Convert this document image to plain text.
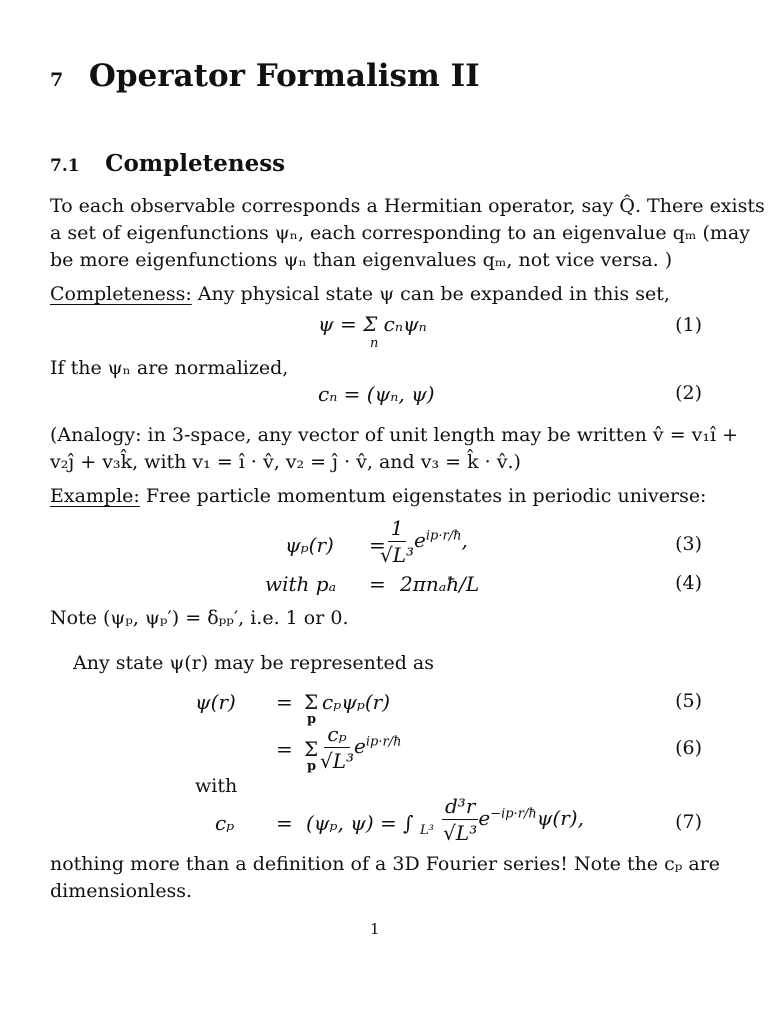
7 Operator Formalism II
7.1 Completeness
To each observable corresponds a Hermitian operator, say Q̂. There exists
a set of eigenfunctions ψₙ, each corresponding to an eigenvalue qₘ (may
be more eigenfunctions ψₙ than eigenvalues qₘ, not vice versa. )
Completeness: Any physical state ψ can be expanded in this set,
ψ = Σ cₙψₙ
n
(1)
If the ψₙ are normalized,
cₙ = (ψₙ, ψ)	(2)
(Analogy: in 3-space, any vector of unit length may be written v̂ = v₁î +
v₂ĵ + v₃k̂, with v₁ = î · v̂, v₂ = ĵ · v̂, and v₃ = k̂ · v̂.)
Example: Free particle momentum eigenstates in periodic universe:
ψₚ(r) =
$\frac{1}{\text{√L³}} e^{ip\cdot r/ħ}$,	(3)
with pₐ = 2πnₐħ/L	(4)
Note (ψₚ, ψₚ′) = δₚₚ′, i.e. 1 or 0.
Any state ψ(r) may be represented as
ψ(r) = Σ
p
cₚψₚ(r)	(5)
= Σ
p $\frac{\text{cₚ}}{\text{√L³}} e^{ip\cdot r/ħ}$	(6)
with
cₚ = (ψₚ, ψ) = ∫ $L^3 \frac{\text{d³r}}{\text{√L³}} e^{-ip\cdot r/ħ}\psi(r)$,	(7)
nothing more than a definition of a 3D Fourier series! Note the cₚ are
dimensionless.
1
